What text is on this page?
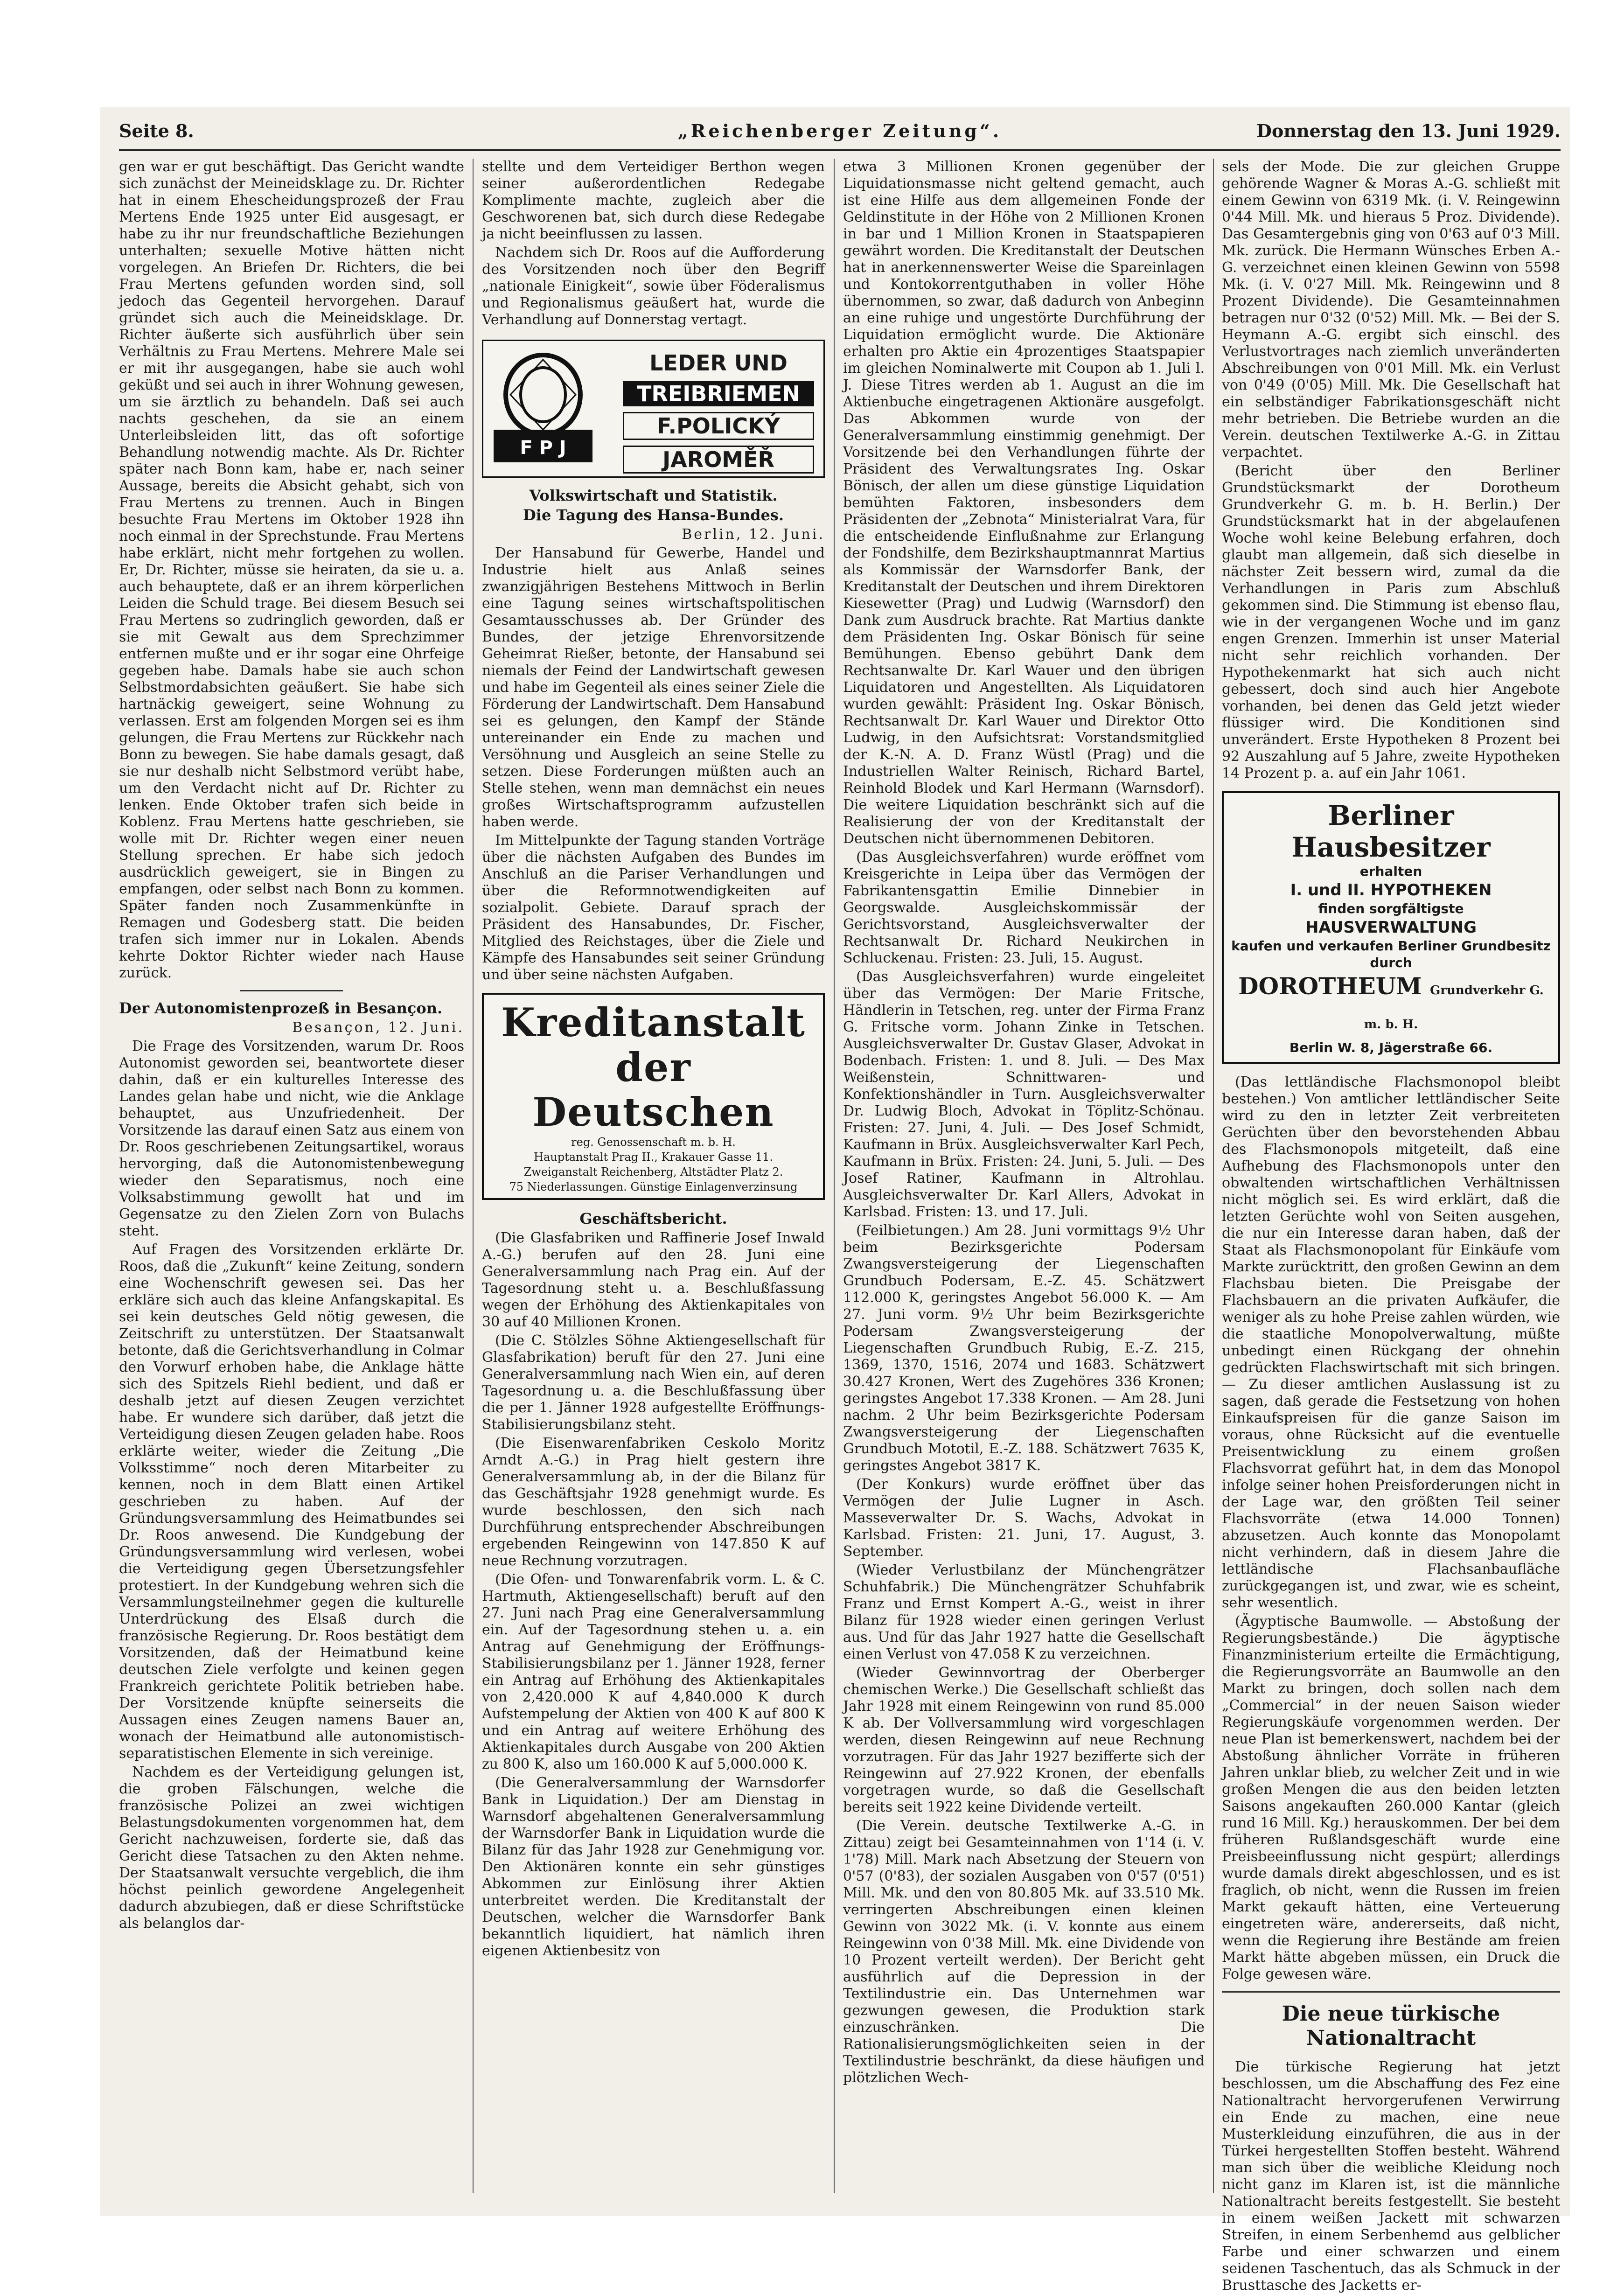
„Reichenberger Zeitung“.
Seite 8.	Donnerstag den 13. Juni 1929.

gen war er gut beschäftigt. Das Gericht wandte sich zunächst der Meineidsklage zu. Dr. Richter hat in einem Ehescheidungsprozeß der Frau Mertens Ende 1925 unter Eid ausgesagt, er habe zu ihr nur freundschaftliche Beziehungen unterhalten; sexuelle Motive hätten nicht vorgelegen. An Briefen Dr. Richters, die bei Frau Mertens gefunden worden sind, soll jedoch das Gegenteil hervorgehen. Darauf gründet sich auch die Meineidsklage. Dr. Richter äußerte sich ausführlich über sein Verhältnis zu Frau Mertens. Mehrere Male sei er mit ihr ausgegangen, habe sie auch wohl geküßt und sei auch in ihrer Wohnung gewesen, um sie ärztlich zu behandeln. Daß sei auch nachts geschehen, da sie an einem Unterleibsleiden litt, das oft sofortige Behandlung notwendig machte. Als Dr. Richter später nach Bonn kam, habe er, nach seiner Aussage, bereits die Absicht gehabt, sich von Frau Mertens zu trennen. Auch in Bingen besuchte Frau Mertens im Oktober 1928 ihn noch einmal in der Sprechstunde. Frau Mertens habe erklärt, nicht mehr fortgehen zu wollen. Er, Dr. Richter, müsse sie heiraten, da sie u. a. auch behauptete, daß er an ihrem körperlichen Leiden die Schuld trage. Bei diesem Besuch sei Frau Mertens so zudringlich geworden, daß er sie mit Gewalt aus dem Sprechzimmer entfernen mußte und er ihr sogar eine Ohrfeige gegeben habe. Damals habe sie auch schon Selbstmordabsichten geäußert. Sie habe sich hartnäckig geweigert, seine Wohnung zu verlassen. Erst am folgenden Morgen sei es ihm gelungen, die Frau Mertens zur Rückkehr nach Bonn zu bewegen. Sie habe damals gesagt, daß sie nur deshalb nicht Selbstmord verübt habe, um den Verdacht nicht auf Dr. Richter zu lenken. Ende Oktober trafen sich beide in Koblenz. Frau Mertens hatte geschrieben, sie wolle mit Dr. Richter wegen einer neuen Stellung sprechen. Er habe sich jedoch ausdrücklich geweigert, sie in Bingen zu empfangen, oder selbst nach Bonn zu kommen. Später fanden noch Zusammenkünfte in Remagen und Godesberg statt. Die beiden trafen sich immer nur in Lokalen. Abends kehrte Doktor Richter wieder nach Hause zurück.

Der Autonomistenprozeß in Besançon.

Besançon, 12. Juni.

Die Frage des Vorsitzenden, warum Dr. Roos Autonomist geworden sei, beantwortete dieser dahin, daß er ein kulturelles Interesse des Landes gelan habe und nicht, wie die Anklage behauptet, aus Unzufriedenheit. Der Vorsitzende las darauf einen Satz aus einem von Dr. Roos geschriebenen Zeitungsartikel, woraus hervorging, daß die Autonomistenbewegung wieder den Separatismus, noch eine Volksabstimmung gewollt hat und im Gegensatze zu den Zielen Zorn von Bulachs steht.

Auf Fragen des Vorsitzenden erklärte Dr. Roos, daß die „Zukunft“ keine Zeitung, sondern eine Wochenschrift gewesen sei. Das her erkläre sich auch das kleine Anfangskapital. Es sei kein deutsches Geld nötig gewesen, die Zeitschrift zu unterstützen. Der Staatsanwalt betonte, daß die Gerichtsverhandlung in Colmar den Vorwurf erhoben habe, die Anklage hätte sich des Spitzels Riehl bedient, und daß er deshalb jetzt auf diesen Zeugen verzichtet habe. Er wundere sich darüber, daß jetzt die Verteidigung diesen Zeugen geladen habe. Roos erklärte weiter, wieder die Zeitung „Die Volksstimme“ noch deren Mitarbeiter zu kennen, noch in dem Blatt einen Artikel geschrieben zu haben. Auf der Gründungsversammlung des Heimatbundes sei Dr. Roos anwesend. Die Kundgebung der Gründungsversammlung wird verlesen, wobei die Verteidigung gegen Übersetzungsfehler protestiert. In der Kundgebung wehren sich die Versammlungsteilnehmer gegen die kulturelle Unterdrückung des Elsaß durch die französische Regierung. Dr. Roos bestätigt dem Vorsitzenden, daß der Heimatbund keine deutschen Ziele verfolgte und keinen gegen Frankreich gerichtete Politik betrieben habe. Der Vorsitzende knüpfte seinerseits die Aussagen eines Zeugen namens Bauer an, wonach der Heimatbund alle autonomistisch-separatistischen Elemente in sich vereinige.

Nachdem es der Verteidigung gelungen ist, die groben Fälschungen, welche die französische Polizei an zwei wichtigen Belastungsdokumenten vorgenommen hat, dem Gericht nachzuweisen, forderte sie, daß das Gericht diese Tatsachen zu den Akten nehme. Der Staatsanwalt versuchte vergeblich, die ihm höchst peinlich gewordene Angelegenheit dadurch abzubiegen, daß er diese Schriftstücke als belanglos dar-

stellte und dem Verteidiger Berthon wegen seiner außerordentlichen Redegabe Komplimente machte, zugleich aber die Geschworenen bat, sich durch diese Redegabe ja nicht beeinflussen zu lassen.

Nachdem sich Dr. Roos auf die Aufforderung des Vorsitzenden noch über den Begriff „nationale Einigkeit“, sowie über Föderalismus und Regionalismus geäußert hat, wurde die Verhandlung auf Donnerstag vertagt.

F P J
LEDER UND
TREIBRIEMEN
F.POLICKÝ
JAROMĚŘ
Volkswirtschaft und Statistik.
Die Tagung des Hansa-Bundes.

Berlin, 12. Juni.

Der Hansabund für Gewerbe, Handel und Industrie hielt aus Anlaß seines zwanzigjährigen Bestehens Mittwoch in Berlin eine Tagung seines wirtschaftspolitischen Gesamtausschusses ab. Der Gründer des Bundes, der jetzige Ehrenvorsitzende Geheimrat Rießer, betonte, der Hansabund sei niemals der Feind der Landwirtschaft gewesen und habe im Gegenteil als eines seiner Ziele die Förderung der Landwirtschaft. Dem Hansabund sei es gelungen, den Kampf der Stände untereinander ein Ende zu machen und Versöhnung und Ausgleich an seine Stelle zu setzen. Diese Forderungen müßten auch an Stelle stehen, wenn man demnächst ein neues großes Wirtschaftsprogramm aufzustellen haben werde.

Im Mittelpunkte der Tagung standen Vorträge über die nächsten Aufgaben des Bundes im Anschluß an die Pariser Verhandlungen und über die Reformnotwendigkeiten auf sozialpolit. Gebiete. Darauf sprach der Präsident des Hansabundes, Dr. Fischer, Mitglied des Reichstages, über die Ziele und Kämpfe des Hansabundes seit seiner Gründung und über seine nächsten Aufgaben.

Kreditanstalt
der Deutschen
reg. Genossenschaft m. b. H.
Hauptanstalt Prag II., Krakauer Gasse 11.
Zweiganstalt Reichenberg, Altstädter Platz 2.
75 Niederlassungen. Günstige Einlagenverzinsung
Geschäftsbericht.

(Die Glasfabriken und Raffinerie Josef Inwald A.-G.) berufen auf den 28. Juni eine Generalversammlung nach Prag ein. Auf der Tagesordnung steht u. a. Beschlußfassung wegen der Erhöhung des Aktienkapitales von 30 auf 40 Millionen Kronen.

(Die C. Stölzles Söhne Aktiengesellschaft für Glasfabrikation) beruft für den 27. Juni eine Generalversammlung nach Wien ein, auf deren Tagesordnung u. a. die Beschlußfassung über die per 1. Jänner 1928 aufgestellte Eröffnungs-Stabilisierungsbilanz steht.

(Die Eisenwarenfabriken Ceskolo Moritz Arndt A.-G.) in Prag hielt gestern ihre Generalversammlung ab, in der die Bilanz für das Geschäftsjahr 1928 genehmigt wurde. Es wurde beschlossen, den sich nach Durchführung entsprechender Abschreibungen ergebenden Reingewinn von 147.850 K auf neue Rechnung vorzutragen.

(Die Ofen- und Tonwarenfabrik vorm. L. & C. Hartmuth, Aktiengesellschaft) beruft auf den 27. Juni nach Prag eine Generalversammlung ein. Auf der Tagesordnung stehen u. a. ein Antrag auf Genehmigung der Eröffnungs-Stabilisierungsbilanz per 1. Jänner 1928, ferner ein Antrag auf Erhöhung des Aktienkapitales von 2,420.000 K auf 4,840.000 K durch Aufstempelung der Aktien von 400 K auf 800 K und ein Antrag auf weitere Erhöhung des Aktienkapitales durch Ausgabe von 200 Aktien zu 800 K, also um 160.000 K auf 5,000.000 K.

(Die Generalversammlung der Warnsdorfer Bank in Liquidation.) Der am Dienstag in Warnsdorf abgehaltenen Generalversammlung der Warnsdorfer Bank in Liquidation wurde die Bilanz für das Jahr 1928 zur Genehmigung vor. Den Aktionären konnte ein sehr günstiges Abkommen zur Einlösung ihrer Aktien unterbreitet werden. Die Kreditanstalt der Deutschen, welcher die Warnsdorfer Bank bekanntlich liquidiert, hat nämlich ihren eigenen Aktienbesitz von

etwa 3 Millionen Kronen gegenüber der Liquidationsmasse nicht geltend gemacht, auch ist eine Hilfe aus dem allgemeinen Fonde der Geldinstitute in der Höhe von 2 Millionen Kronen in bar und 1 Million Kronen in Staatspapieren gewährt worden. Die Kreditanstalt der Deutschen hat in anerkennenswerter Weise die Spareinlagen und Kontokorrentguthaben in voller Höhe übernommen, so zwar, daß dadurch von Anbeginn an eine ruhige und ungestörte Durchführung der Liquidation ermöglicht wurde. Die Aktionäre erhalten pro Aktie ein 4prozentiges Staatspapier im gleichen Nominalwerte mit Coupon ab 1. Juli l. J. Diese Titres werden ab 1. August an die im Aktienbuche eingetragenen Aktionäre ausgefolgt. Das Abkommen wurde von der Generalversammlung einstimmig genehmigt. Der Vorsitzende bei den Verhandlungen führte der Präsident des Verwaltungsrates Ing. Oskar Bönisch, der allen um diese günstige Liquidation bemühten Faktoren, insbesonders dem Präsidenten der „Zebnota“ Ministerialrat Vara, für die entscheidende Einflußnahme zur Erlangung der Fondshilfe, dem Bezirkshauptmannrat Martius als Kommissär der Warnsdorfer Bank, der Kreditanstalt der Deutschen und ihrem Direktoren Kiesewetter (Prag) und Ludwig (Warnsdorf) den Dank zum Ausdruck brachte. Rat Martius dankte dem Präsidenten Ing. Oskar Bönisch für seine Bemühungen. Ebenso gebührt Dank dem Rechtsanwalte Dr. Karl Wauer und den übrigen Liquidatoren und Angestellten. Als Liquidatoren wurden gewählt: Präsident Ing. Oskar Bönisch, Rechtsanwalt Dr. Karl Wauer und Direktor Otto Ludwig, in den Aufsichtsrat: Vorstandsmitglied der K.-N. A. D. Franz Wüstl (Prag) und die Industriellen Walter Reinisch, Richard Bartel, Reinhold Blodek und Karl Hermann (Warnsdorf). Die weitere Liquidation beschränkt sich auf die Realisierung der von der Kreditanstalt der Deutschen nicht übernommenen Debitoren.

(Das Ausgleichsverfahren) wurde eröffnet vom Kreisgerichte in Leipa über das Vermögen der Fabrikantensgattin Emilie Dinnebier in Georgswalde. Ausgleichskommissär der Gerichtsvorstand, Ausgleichsverwalter der Rechtsanwalt Dr. Richard Neukirchen in Schluckenau. Fristen: 23. Juli, 15. August.

(Das Ausgleichsverfahren) wurde eingeleitet über das Vermögen: Der Marie Fritsche, Händlerin in Tetschen, reg. unter der Firma Franz G. Fritsche vorm. Johann Zinke in Tetschen. Ausgleichsverwalter Dr. Gustav Glaser, Advokat in Bodenbach. Fristen: 1. und 8. Juli. — Des Max Weißenstein, Schnittwaren- und Konfektionshändler in Turn. Ausgleichsverwalter Dr. Ludwig Bloch, Advokat in Töplitz-Schönau. Fristen: 27. Juni, 4. Juli. — Des Josef Schmidt, Kaufmann in Brüx. Ausgleichsverwalter Karl Pech, Kaufmann in Brüx. Fristen: 24. Juni, 5. Juli. — Des Josef Ratiner, Kaufmann in Altrohlau. Ausgleichsverwalter Dr. Karl Allers, Advokat in Karlsbad. Fristen: 13. und 17. Juli.

(Feilbietungen.) Am 28. Juni vormittags 9½ Uhr beim Bezirksgerichte Podersam Zwangsversteigerung der Liegenschaften Grundbuch Podersam, E.-Z. 45. Schätzwert 112.000 K, geringstes Angebot 56.000 K. — Am 27. Juni vorm. 9½ Uhr beim Bezirksgerichte Podersam Zwangsversteigerung der Liegenschaften Grundbuch Rubig, E.-Z. 215, 1369, 1370, 1516, 2074 und 1683. Schätzwert 30.427 Kronen, Wert des Zugehöres 336 Kronen; geringstes Angebot 17.338 Kronen. — Am 28. Juni nachm. 2 Uhr beim Bezirksgerichte Podersam Zwangsversteigerung der Liegenschaften Grundbuch Mototil, E.-Z. 188. Schätzwert 7635 K, geringstes Angebot 3817 K.

(Der Konkurs) wurde eröffnet über das Vermögen der Julie Lugner in Asch. Masseverwalter Dr. S. Wachs, Advokat in Karlsbad. Fristen: 21. Juni, 17. August, 3. September.

(Wieder Verlustbilanz der Münchengrätzer Schuhfabrik.) Die Münchengrätzer Schuhfabrik Franz und Ernst Kompert A.-G., weist in ihrer Bilanz für 1928 wieder einen geringen Verlust aus. Und für das Jahr 1927 hatte die Gesellschaft einen Verlust von 47.058 K zu verzeichnen.

(Wieder Gewinnvortrag der Oberberger chemischen Werke.) Die Gesellschaft schließt das Jahr 1928 mit einem Reingewinn von rund 85.000 K ab. Der Vollversammlung wird vorgeschlagen werden, diesen Reingewinn auf neue Rechnung vorzutragen. Für das Jahr 1927 bezifferte sich der Reingewinn auf 27.922 Kronen, der ebenfalls vorgetragen wurde, so daß die Gesellschaft bereits seit 1922 keine Dividende verteilt.

(Die Verein. deutsche Textilwerke A.-G. in Zittau) zeigt bei Gesamteinnahmen von 1'14 (i. V. 1'78) Mill. Mark nach Absetzung der Steuern von 0'57 (0'83), der sozialen Ausgaben von 0'57 (0'51) Mill. Mk. und den von 80.805 Mk. auf 33.510 Mk. verringerten Abschreibungen einen kleinen Gewinn von 3022 Mk. (i. V. konnte aus einem Reingewinn von 0'38 Mill. Mk. eine Dividende von 10 Prozent verteilt werden). Der Bericht geht ausführlich auf die Depression in der Textilindustrie ein. Das Unternehmen war gezwungen gewesen, die Produktion stark einzuschränken. Die Rationalisierungsmöglichkeiten seien in der Textilindustrie beschränkt, da diese häufigen und plötzlichen Wech-

sels der Mode. Die zur gleichen Gruppe gehörende Wagner & Moras A.-G. schließt mit einem Gewinn von 6319 Mk. (i. V. Reingewinn 0'44 Mill. Mk. und hieraus 5 Proz. Dividende). Das Gesamtergebnis ging von 0'63 auf 0'3 Mill. Mk. zurück. Die Hermann Wünsches Erben A.-G. verzeichnet einen kleinen Gewinn von 5598 Mk. (i. V. 0'27 Mill. Mk. Reingewinn und 8 Prozent Dividende). Die Gesamteinnahmen betragen nur 0'32 (0'52) Mill. Mk. — Bei der S. Heymann A.-G. ergibt sich einschl. des Verlustvortrages nach ziemlich unveränderten Abschreibungen von 0'01 Mill. Mk. ein Verlust von 0'49 (0'05) Mill. Mk. Die Gesellschaft hat ein selbständiger Fabrikationsgeschäft nicht mehr betrieben. Die Betriebe wurden an die Verein. deutschen Textilwerke A.-G. in Zittau verpachtet.

(Bericht über den Berliner Grundstücksmarkt der Dorotheum Grundverkehr G. m. b. H. Berlin.) Der Grundstücksmarkt hat in der abgelaufenen Woche wohl keine Belebung erfahren, doch glaubt man allgemein, daß sich dieselbe in nächster Zeit bessern wird, zumal da die Verhandlungen in Paris zum Abschluß gekommen sind. Die Stimmung ist ebenso flau, wie in der vergangenen Woche und im ganz engen Grenzen. Immerhin ist unser Material nicht sehr reichlich vorhanden. Der Hypothekenmarkt hat sich auch nicht gebessert, doch sind auch hier Angebote vorhanden, bei denen das Geld jetzt wieder flüssiger wird. Die Konditionen sind unverändert. Erste Hypotheken 8 Prozent bei 92 Auszahlung auf 5 Jahre, zweite Hypotheken 14 Prozent p. a. auf ein Jahr 1061.

Berliner Hausbesitzer
erhalten
I. und II. HYPOTHEKEN
finden sorgfältigste
HAUSVERWALTUNG
kaufen und verkaufen Berliner Grundbesitz
durch
DOROTHEUM Grundverkehr G. m. b. H.
Berlin W. 8, Jägerstraße 66.

(Das lettländische Flachsmonopol bleibt bestehen.) Von amtlicher lettländischer Seite wird zu den in letzter Zeit verbreiteten Gerüchten über den bevorstehenden Abbau des Flachsmonopols mitgeteilt, daß eine Aufhebung des Flachsmonopols unter den obwaltenden wirtschaftlichen Verhältnissen nicht möglich sei. Es wird erklärt, daß die letzten Gerüchte wohl von Seiten ausgehen, die nur ein Interesse daran haben, daß der Staat als Flachsmonopolant für Einkäufe vom Markte zurücktritt, den großen Gewinn an dem Flachsbau bieten. Die Preisgabe der Flachsbauern an die privaten Aufkäufer, die weniger als zu hohe Preise zahlen würden, wie die staatliche Monopolverwaltung, müßte unbedingt einen Rückgang der ohnehin gedrückten Flachswirtschaft mit sich bringen. — Zu dieser amtlichen Auslassung ist zu sagen, daß gerade die Festsetzung von hohen Einkaufspreisen für die ganze Saison im voraus, ohne Rücksicht auf die eventuelle Preisentwicklung zu einem großen Flachsvorrat geführt hat, in dem das Monopol infolge seiner hohen Preisforderungen nicht in der Lage war, den größten Teil seiner Flachsvorräte (etwa 14.000 Tonnen) abzusetzen. Auch konnte das Monopolamt nicht verhindern, daß in diesem Jahre die lettländische Flachsanbaufläche zurückgegangen ist, und zwar, wie es scheint, sehr wesentlich.

(Ägyptische Baumwolle. — Abstoßung der Regierungsbestände.) Die ägyptische Finanzministerium erteilte die Ermächtigung, die Regierungsvorräte an Baumwolle an den Markt zu bringen, doch sollen nach dem „Commercial“ in der neuen Saison wieder Regierungskäufe vorgenommen werden. Der neue Plan ist bemerkenswert, nachdem bei der Abstoßung ähnlicher Vorräte in früheren Jahren unklar blieb, zu welcher Zeit und in wie großen Mengen die aus den beiden letzten Saisons angekauften 260.000 Kantar (gleich rund 16 Mill. Kg.) herauskommen. Der bei dem früheren Rußlandsgeschäft wurde eine Preisbeeinflussung nicht gespürt; allerdings wurde damals direkt abgeschlossen, und es ist fraglich, ob nicht, wenn die Russen im freien Markt gekauft hätten, eine Verteuerung eingetreten wäre, andererseits, daß nicht, wenn die Regierung ihre Bestände am freien Markt hätte abgeben müssen, ein Druck die Folge gewesen wäre.

Die neue türkische Nationaltracht

Die türkische Regierung hat jetzt beschlossen, um die Abschaffung des Fez eine Nationaltracht hervorgerufenen Verwirrung ein Ende zu machen, eine neue Musterkleidung einzuführen, die aus in der Türkei hergestellten Stoffen besteht. Während man sich über die weibliche Kleidung noch nicht ganz im Klaren ist, ist die männliche Nationaltracht bereits festgestellt. Sie besteht in einem weißen Jackett mit schwarzen Streifen, in einem Serbenhemd aus gelblicher Farbe und einer schwarzen und einem seidenen Taschentuch, das als Schmuck in der Brusttasche des Jacketts er-
